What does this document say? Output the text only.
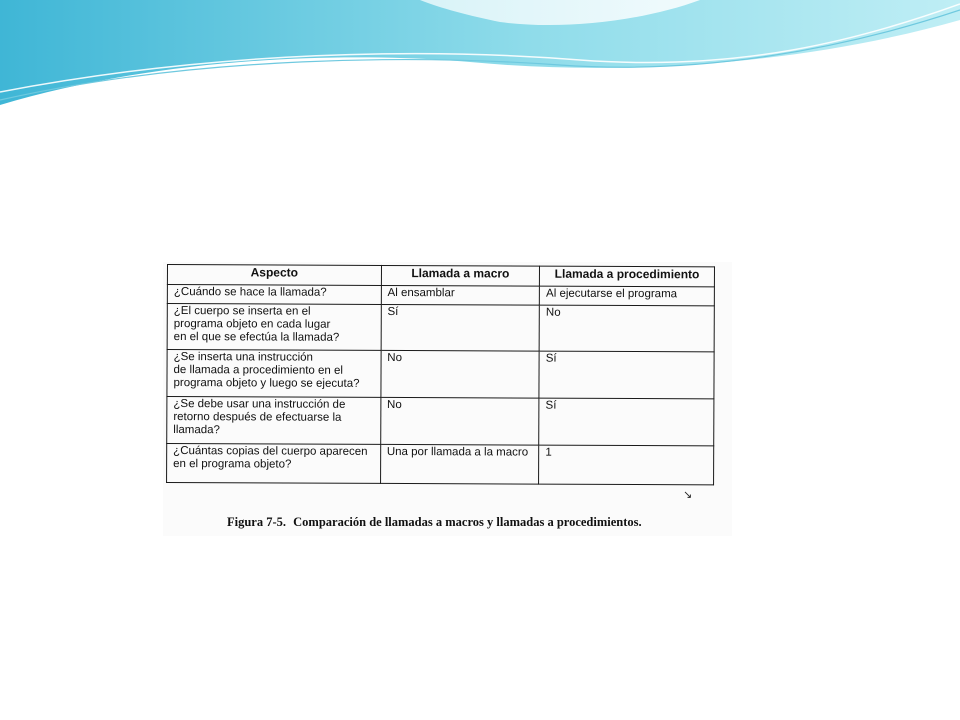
Aspecto	Llamada a macro	Llamada a procedimiento

¿Cuándo se hace la llamada?	Al ensamblar	Al ejecutarse el programa

¿El cuerpo se inserta en el
programa objeto en cada lugar
en el que se efectúa la llamada?	Sí	No

¿Se inserta una instrucción
de llamada a procedimiento en el
programa objeto y luego se ejecuta?	No	Sí

¿Se debe usar una instrucción de
retorno después de efectuarse la
llamada?	No	Sí

¿Cuántas copias del cuerpo aparecen
en el programa objeto?	Una por llamada a la macro	1
↘
Figura 7-5. Comparación de llamadas a macros y llamadas a procedimientos.
